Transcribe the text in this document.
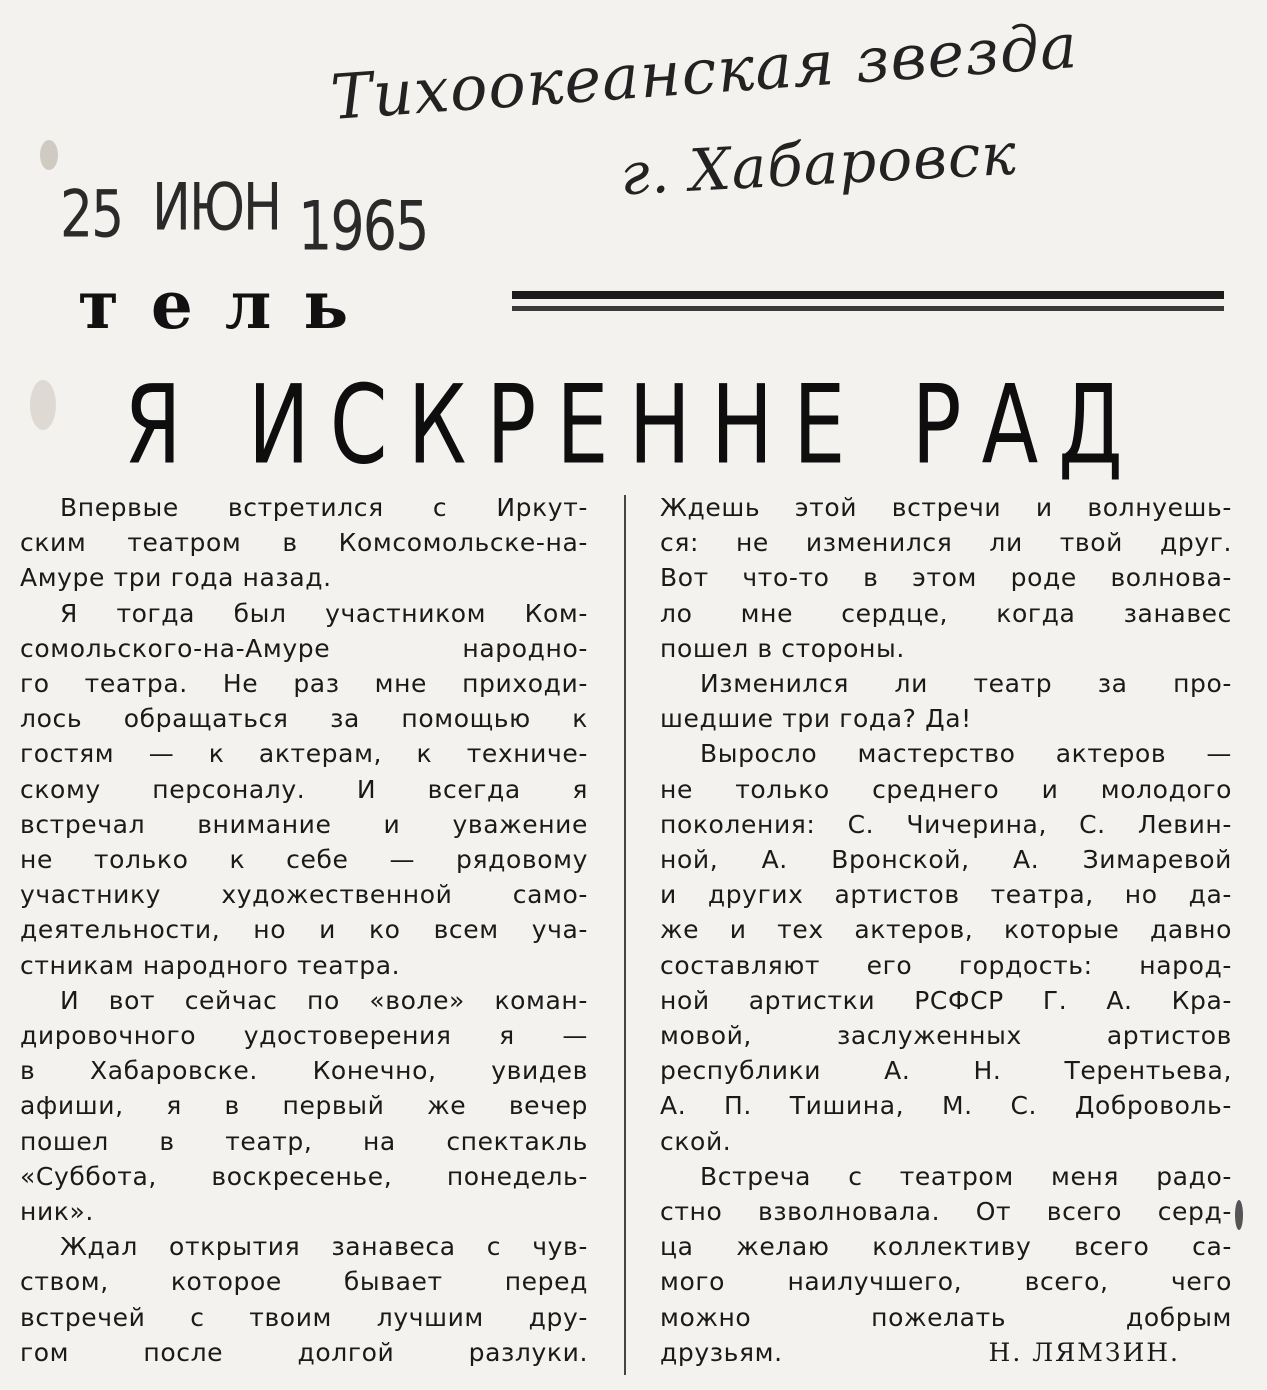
Тихоокеанская звезда
г. Хабаровск
25 ИЮН 1965
тель
Я ИСКРЕННЕ РАД
Впервые встретился с Иркут-
ским театром в Комсомольске-на-
Амуре три года назад.
Я тогда был участником Ком-
сомольского-на-Амуре народно-
го театра. Не раз мне приходи-
лось обращаться за помощью к
гостям — к актерам, к техниче-
скому персоналу. И всегда я
встречал внимание и уважение
не только к себе — рядовому
участнику художественной само-
деятельности, но и ко всем уча-
стникам народного театра.
И вот сейчас по «воле» коман-
дировочного удостоверения я —
в Хабаровске. Конечно, увидев
афиши, я в первый же вечер
пошел в театр, на спектакль
«Суббота, воскресенье, понедель-
ник».
Ждал открытия занавеса с чув-
ством, которое бывает перед
встречей с твоим лучшим дру-
гом после долгой разлуки.
Ждешь этой встречи и волнуешь-
ся: не изменился ли твой друг.
Вот что-то в этом роде волнова-
ло мне сердце, когда занавес
пошел в стороны.
Изменился ли театр за про-
шедшие три года? Да!
Выросло мастерство актеров —
не только среднего и молодого
поколения: С. Чичерина, С. Левин-
ной, А. Вронской, А. Зимаревой
и других артистов театра, но да-
же и тех актеров, которые давно
составляют его гордость: народ-
ной артистки РСФСР Г. А. Кра-
мовой, заслуженных артистов
республики А. Н. Терентьева,
А. П. Тишина, М. С. Доброволь-
ской.
Встреча с театром меня радо-
стно взволновала. От всего серд-
ца желаю коллективу всего са-
мого наилучшего, всего, чего
можно пожелать добрым
друзьям.	Н. ЛЯМЗИН.
